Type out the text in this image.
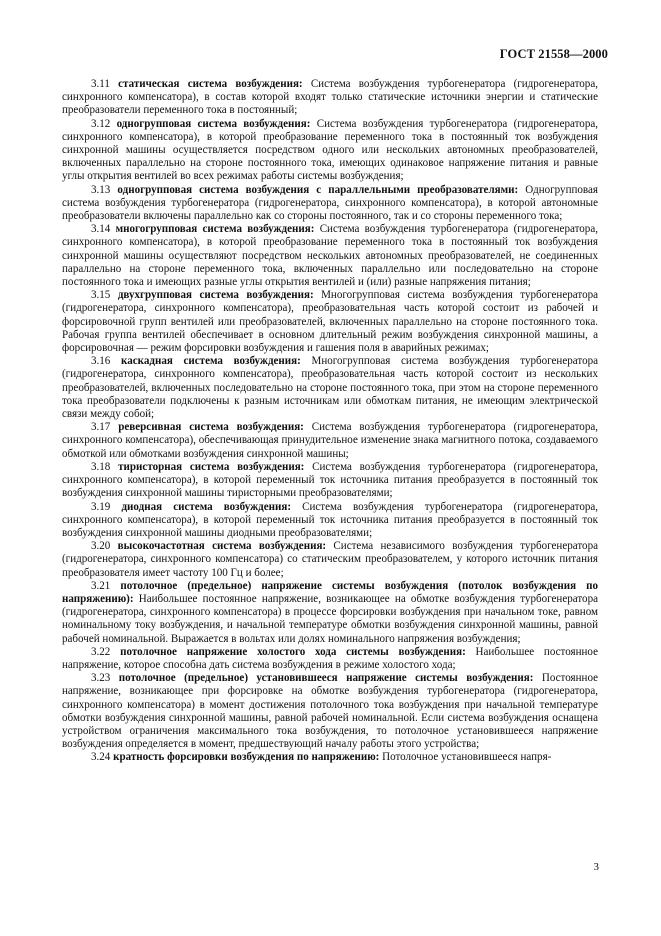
ГОСТ 21558—2000

3.11 статическая система возбуждения: Система возбуждения турбогенератора (гидрогенератора, синхронного компенсатора), в состав которой входят только статические источники энергии и статические преобразователи переменного тока в постоянный;

3.12 одногрупповая система возбуждения: Система возбуждения турбогенератора (гидрогенератора, синхронного компенсатора), в которой преобразование переменного тока в постоянный ток возбуждения синхронной машины осуществляется посредством одного или нескольких автономных преобразователей, включенных параллельно на стороне постоянного тока, имеющих одинаковое напряжение питания и равные углы открытия вентилей во всех режимах работы системы возбуждения;

3.13 одногрупповая система возбуждения с параллельными преобразователями: Одногрупповая система возбуждения турбогенератора (гидрогенератора, синхронного компенсатора), в которой автономные преобразователи включены параллельно как со стороны постоянного, так и со стороны переменного тока;

3.14 многогрупповая система возбуждения: Система возбуждения турбогенератора (гидрогенератора, синхронного компенсатора), в которой преобразование переменного тока в постоянный ток возбуждения синхронной машины осуществляют посредством нескольких автономных преобразователей, не соединенных параллельно на стороне переменного тока, включенных параллельно или последовательно на стороне постоянного тока и имеющих разные углы открытия вентилей и (или) разные напряжения питания;

3.15 двухгрупповая система возбуждения: Многогрупповая система возбуждения турбогенератора (гидрогенератора, синхронного компенсатора), преобразовательная часть которой состоит из рабочей и форсировочной групп вентилей или преобразователей, включенных параллельно на стороне постоянного тока. Рабочая группа вентилей обеспечивает в основном длительный режим возбуждения синхронной машины, а форсировочная — режим форсировки возбуждения и гашения поля в аварийных режимах;

3.16 каскадная система возбуждения: Многогрупповая система возбуждения турбогенератора (гидрогенератора, синхронного компенсатора), преобразовательная часть которой состоит из нескольких преобразователей, включенных последовательно на стороне постоянного тока, при этом на стороне переменного тока преобразователи подключены к разным источникам или обмоткам питания, не имеющим электрической связи между собой;

3.17 реверсивная система возбуждения: Система возбуждения турбогенератора (гидрогенератора, синхронного компенсатора), обеспечивающая принудительное изменение знака магнитного потока, создаваемого обмоткой или обмотками возбуждения синхронной машины;

3.18 тиристорная система возбуждения: Система возбуждения турбогенератора (гидрогенератора, синхронного компенсатора), в которой переменный ток источника питания преобразуется в постоянный ток возбуждения синхронной машины тиристорными преобразователями;

3.19 диодная система возбуждения: Система возбуждения турбогенератора (гидрогенератора, синхронного компенсатора), в которой переменный ток источника питания преобразуется в постоянный ток возбуждения синхронной машины диодными преобразователями;

3.20 высокочастотная система возбуждения: Система независимого возбуждения турбогенератора (гидрогенератора, синхронного компенсатора) со статическим преобразователем, у которого источник питания преобразователя имеет частоту 100 Гц и более;

3.21 потолочное (предельное) напряжение системы возбуждения (потолок возбуждения по напряжению): Наибольшее постоянное напряжение, возникающее на обмотке возбуждения турбогенератора (гидрогенератора, синхронного компенсатора) в процессе форсировки возбуждения при начальном токе, равном номинальному току возбуждения, и начальной температуре обмотки возбуждения синхронной машины, равной рабочей номинальной. Выражается в вольтах или долях номинального напряжения возбуждения;

3.22 потолочное напряжение холостого хода системы возбуждения: Наибольшее постоянное напряжение, которое способна дать система возбуждения в режиме холостого хода;

3.23 потолочное (предельное) установившееся напряжение системы возбуждения: Постоянное напряжение, возникающее при форсировке на обмотке возбуждения турбогенератора (гидрогенератора, синхронного компенсатора) в момент достижения потолочного тока возбуждения при начальной температуре обмотки возбуждения синхронной машины, равной рабочей номинальной. Если система возбуждения оснащена устройством ограничения максимального тока возбуждения, то потолочное установившееся напряжение возбуждения определяется в момент, предшествующий началу работы этого устройства;

3.24 кратность форсировки возбуждения по напряжению: Потолочное установившееся напря-

3
